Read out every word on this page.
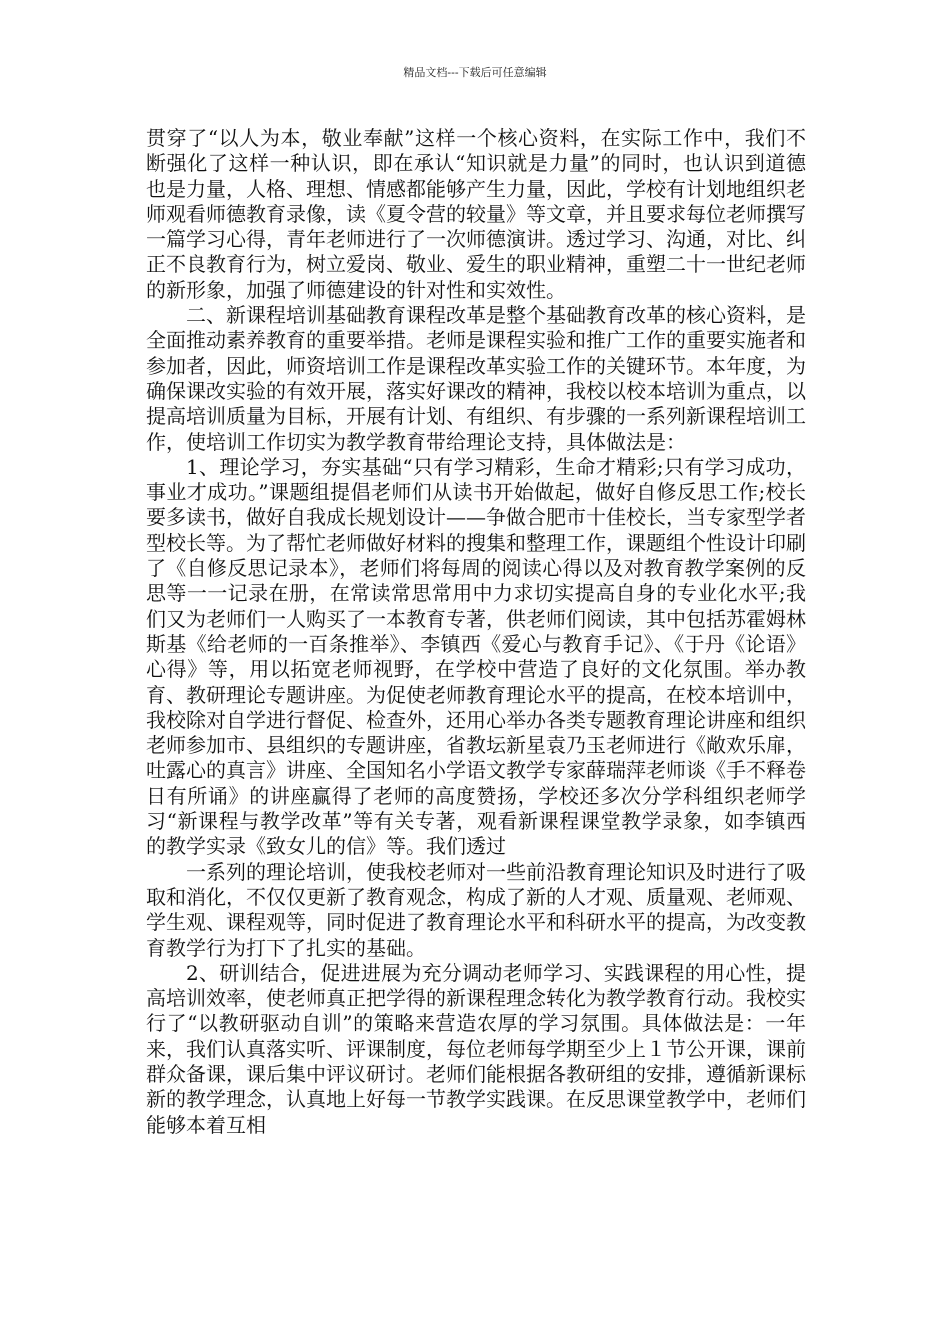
精品文档---下载后可任意编辑

贯穿了“以人为本，敬业奉献”这样一个核心资料，在实际工作中，我们不断强化了这样一种认识，即在承认“知识就是力量”的同时，也认识到道德也是力量，人格、理想、情感都能够产生力量，因此，学校有计划地组织老师观看师德教育录像，读《夏令营的较量》等文章，并且要求每位老师撰写一篇学习心得，青年老师进行了一次师德演讲。透过学习、沟通，对比、纠正不良教育行为，树立爱岗、敬业、爱生的职业精神，重塑二十一世纪老师的新形象，加强了师德建设的针对性和实效性。

二、新课程培训基础教育课程改革是整个基础教育改革的核心资料，是全面推动素养教育的重要举措。老师是课程实验和推广工作的重要实施者和参加者，因此，师资培训工作是课程改革实验工作的关键环节。本年度，为确保课改实验的有效开展，落实好课改的精神，我校以校本培训为重点，以提高培训质量为目标，开展有计划、有组织、有步骤的一系列新课程培训工作，使培训工作切实为教学教育带给理论支持，具体做法是：

1、理论学习，夯实基础“只有学习精彩，生命才精彩;只有学习成功，事业才成功。”课题组提倡老师们从读书开始做起，做好自修反思工作;校长要多读书，做好自我成长规划设计——争做合肥市十佳校长，当专家型学者型校长等。为了帮忙老师做好材料的搜集和整理工作，课题组个性设计印刷了《自修反思记录本》，老师们将每周的阅读心得以及对教育教学案例的反思等一一记录在册，在常读常思常用中力求切实提高自身的专业化水平;我们又为老师们一人购买了一本教育专著，供老师们阅读，其中包括苏霍姆林斯基《给老师的一百条推举》、李镇西《爱心与教育手记》、《于丹《论语》心得》等，用以拓宽老师视野，在学校中营造了良好的文化氛围。举办教育、教研理论专题讲座。为促使老师教育理论水平的提高，在校本培训中，我校除对自学进行督促、检查外，还用心举办各类专题教育理论讲座和组织老师参加市、县组织的专题讲座，省教坛新星袁乃玉老师进行《敞欢乐扉，吐露心的真言》讲座、全国知名小学语文教学专家薛瑞萍老师谈《手不释卷日有所诵》的讲座赢得了老师的高度赞扬，学校还多次分学科组织老师学习“新课程与教学改革”等有关专著，观看新课程课堂教学录象，如李镇西的教学实录《致女儿的信》等。我们透过

一系列的理论培训，使我校老师对一些前沿教育理论知识及时进行了吸取和消化，不仅仅更新了教育观念，构成了新的人才观、质量观、老师观、学生观、课程观等，同时促进了教育理论水平和科研水平的提高，为改变教育教学行为打下了扎实的基础。

2、研训结合，促进进展为充分调动老师学习、实践课程的用心性，提高培训效率，使老师真正把学得的新课程理念转化为教学教育行动。我校实行了“以教研驱动自训”的策略来营造农厚的学习氛围。具体做法是：一年来，我们认真落实听、评课制度，每位老师每学期至少上１节公开课，课前群众备课，课后集中评议研讨。老师们能根据各教研组的安排，遵循新课标新的教学理念，认真地上好每一节教学实践课。在反思课堂教学中，老师们能够本着互相
